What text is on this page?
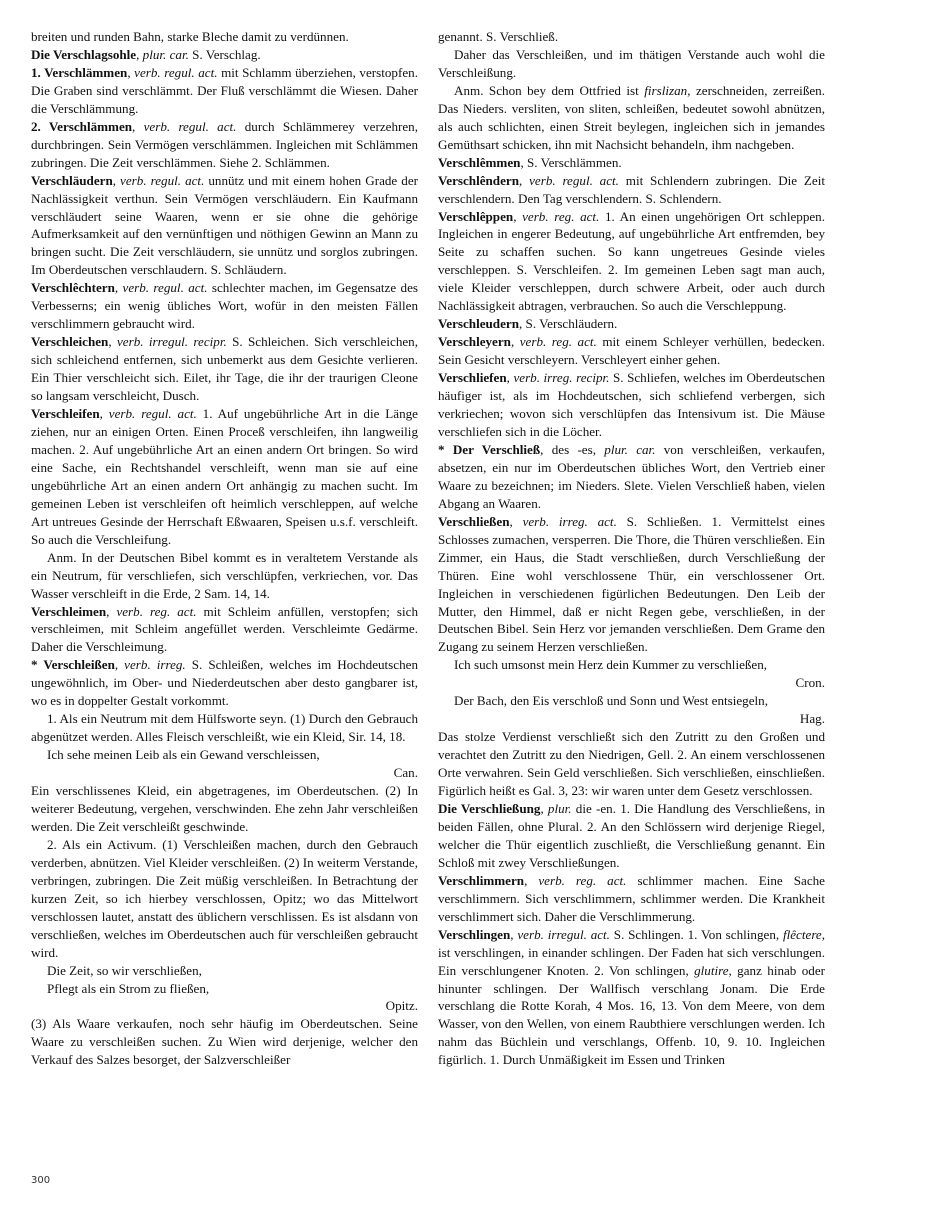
breiten und runden Bahn, starke Bleche damit zu verdünnen.

Die Verschlagsohle, plur. car. S. Verschlag.

1. Verschlämmen, verb. regul. act. mit Schlamm überziehen, verstopfen. Die Graben sind verschlämmt. Der Fluß verschlämmt die Wiesen. Daher die Verschlämmung.

2. Verschlämmen, verb. regul. act. durch Schlämmerey verzehren, durchbringen. Sein Vermögen verschlämmen. Ingleichen mit Schlämmen zubringen. Die Zeit verschlämmen. Siehe 2. Schlämmen.

Verschläudern, verb. regul. act. unnütz und mit einem hohen Grade der Nachlässigkeit verthun. Sein Vermögen verschläudern. Ein Kaufmann verschläudert seine Waaren, wenn er sie ohne die gehörige Aufmerksamkeit auf den vernünftigen und nöthigen Gewinn an Mann zu bringen sucht. Die Zeit verschläudern, sie unnütz und sorglos zubringen. Im Oberdeutschen verschlaudern. S. Schläudern.

Verschlêchtern, verb. regul. act. schlechter machen, im Gegensatze des Verbesserns; ein wenig übliches Wort, wofür in den meisten Fällen verschlimmern gebraucht wird.

Verschleichen, verb. irregul. recipr. S. Schleichen. Sich verschleichen, sich schleichend entfernen, sich unbemerkt aus dem Gesichte verlieren. Ein Thier verschleicht sich. Eilet, ihr Tage, die ihr der traurigen Cleone so langsam verschleicht, Dusch.

Verschleifen, verb. regul. act. 1. Auf ungebührliche Art in die Länge ziehen, nur an einigen Orten. Einen Proceß verschleifen, ihn langweilig machen. 2. Auf ungebührliche Art an einen andern Ort bringen. So wird eine Sache, ein Rechtshandel verschleift, wenn man sie auf eine ungebührliche Art an einen andern Ort anhängig zu machen sucht. Im gemeinen Leben ist verschleifen oft heimlich verschleppen, auf welche Art untreues Gesinde der Herrschaft Eßwaaren, Speisen u.s.f. verschleift. So auch die Verschleifung.

Anm. In der Deutschen Bibel kommt es in veraltetem Verstande als ein Neutrum, für verschliefen, sich verschlüpfen, verkriechen, vor. Das Wasser verschleift in die Erde, 2 Sam. 14, 14.

Verschleimen, verb. reg. act. mit Schleim anfüllen, verstopfen; sich verschleimen, mit Schleim angefüllet werden. Verschleimte Gedärme. Daher die Verschleimung.

* Verschleißen, verb. irreg. S. Schleißen, welches im Hochdeutschen ungewöhnlich, im Ober- und Niederdeutschen aber desto gangbarer ist, wo es in doppelter Gestalt vorkommt.

1. Als ein Neutrum mit dem Hülfsworte seyn. (1) Durch den Gebrauch abgenützet werden. Alles Fleisch verschleißt, wie ein Kleid, Sir. 14, 18.

Ich sehe meinen Leib als ein Gewand verschleissen,

Can.

Ein verschlissenes Kleid, ein abgetragenes, im Oberdeutschen. (2) In weiterer Bedeutung, vergehen, verschwinden. Ehe zehn Jahr verschleißen werden. Die Zeit verschleißt geschwinde.

2. Als ein Activum. (1) Verschleißen machen, durch den Gebrauch verderben, abnützen. Viel Kleider verschleißen. (2) In weiterm Verstande, verbringen, zubringen. Die Zeit müßig verschleißen. In Betrachtung der kurzen Zeit, so ich hierbey verschlossen, Opitz; wo das Mittelwort verschlossen lautet, anstatt des üblichern verschlissen. Es ist alsdann von verschließen, welches im Oberdeutschen auch für verschleißen gebraucht wird.

Die Zeit, so wir verschließen,

Pflegt als ein Strom zu fließen,

Opitz.

(3) Als Waare verkaufen, noch sehr häufig im Oberdeutschen. Seine Waare zu verschleißen suchen. Zu Wien wird derjenige, welcher den Verkauf des Salzes besorget, der Salzverschleißer

genannt. S. Verschließ.

Daher das Verschleißen, und im thätigen Verstande auch wohl die Verschleißung.

Anm. Schon bey dem Ottfried ist firslizan, zerschneiden, zerreißen. Das Nieders. versliten, von sliten, schleißen, bedeutet sowohl abnützen, als auch schlichten, einen Streit beylegen, ingleichen sich in jemandes Gemüthsart schicken, ihn mit Nachsicht behandeln, ihm nachgeben.

Verschlêmmen, S. Verschlämmen.

Verschlêndern, verb. regul. act. mit Schlendern zubringen. Die Zeit verschlendern. Den Tag verschlendern. S. Schlendern.

Verschlêppen, verb. reg. act. 1. An einen ungehörigen Ort schleppen. Ingleichen in engerer Bedeutung, auf ungebührliche Art entfremden, bey Seite zu schaffen suchen. So kann ungetreues Gesinde vieles verschleppen. S. Verschleifen. 2. Im gemeinen Leben sagt man auch, viele Kleider verschleppen, durch schwere Arbeit, oder auch durch Nachlässigkeit abtragen, verbrauchen. So auch die Verschleppung.

Verschleudern, S. Verschläudern.

Verschleyern, verb. reg. act. mit einem Schleyer verhüllen, bedecken. Sein Gesicht verschleyern. Verschleyert einher gehen.

Verschliefen, verb. irreg. recipr. S. Schliefen, welches im Oberdeutschen häufiger ist, als im Hochdeutschen, sich schliefend verbergen, sich verkriechen; wovon sich verschlüpfen das Intensivum ist. Die Mäuse verschliefen sich in die Löcher.

* Der Verschließ, des -es, plur. car. von verschleißen, verkaufen, absetzen, ein nur im Oberdeutschen übliches Wort, den Vertrieb einer Waare zu bezeichnen; im Nieders. Slete. Vielen Verschließ haben, vielen Abgang an Waaren.

Verschließen, verb. irreg. act. S. Schließen. 1. Vermittelst eines Schlosses zumachen, versperren. Die Thore, die Thüren verschließen. Ein Zimmer, ein Haus, die Stadt verschließen, durch Verschließung der Thüren. Eine wohl verschlossene Thür, ein verschlossener Ort. Ingleichen in verschiedenen figürlichen Bedeutungen. Den Leib der Mutter, den Himmel, daß er nicht Regen gebe, verschließen, in der Deutschen Bibel. Sein Herz vor jemanden verschließen. Dem Grame den Zugang zu seinem Herzen verschließen.

Ich such umsonst mein Herz dein Kummer zu verschließen,

Cron.

Der Bach, den Eis verschloß und Sonn und West entsiegeln,

Hag.

Das stolze Verdienst verschließt sich den Zutritt zu den Großen und verachtet den Zutritt zu den Niedrigen, Gell. 2. An einem verschlossenen Orte verwahren. Sein Geld verschließen. Sich verschließen, einschließen. Figürlich heißt es Gal. 3, 23: wir waren unter dem Gesetz verschlossen.

Die Verschließung, plur. die -en. 1. Die Handlung des Verschließens, in beiden Fällen, ohne Plural. 2. An den Schlössern wird derjenige Riegel, welcher die Thür eigentlich zuschließt, die Verschließung genannt. Ein Schloß mit zwey Verschließungen.

Verschlimmern, verb. reg. act. schlimmer machen. Eine Sache verschlimmern. Sich verschlimmern, schlimmer werden. Die Krankheit verschlimmert sich. Daher die Verschlimmerung.

Verschlingen, verb. irregul. act. S. Schlingen. 1. Von schlingen, flêctere, ist verschlingen, in einander schlingen. Der Faden hat sich verschlungen. Ein verschlungener Knoten. 2. Von schlingen, glutire, ganz hinab oder hinunter schlingen. Der Wallfisch verschlang Jonam. Die Erde verschlang die Rotte Korah, 4 Mos. 16, 13. Von dem Meere, von dem Wasser, von den Wellen, von einem Raubthiere verschlungen werden. Ich nahm das Büchlein und verschlangs, Offenb. 10, 9. 10. Ingleichen figürlich. 1. Durch Unmäßigkeit im Essen und Trinken

300
